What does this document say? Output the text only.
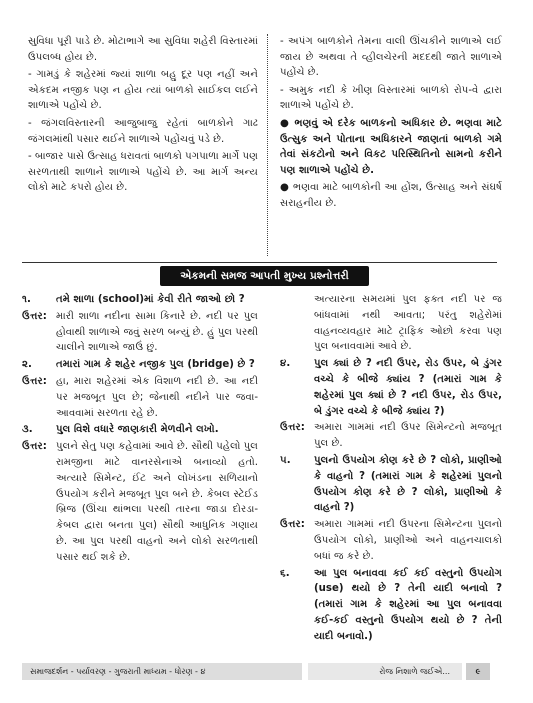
સુવિધા પૂરી પાડે છે. મોટાભાગે આ સુવિધા શહેરી વિસ્તારમાં ઉપલબ્ધ હોય છે.

- ગામડું કે શહેરમાં જ્યાં શાળા બહુ દૂર પણ નહીં અને એકદમ નજીક પણ ન હોય ત્યાં બાળકો સાઈકલ લઈને શાળાએ પહોંચે છે.

- જંગલવિસ્તારની આજુબાજુ રહેતાં બાળકોને ગાઢ જંગલમાંથી પસાર થઈને શાળાએ પહોંચવું પડે છે.

- બાજાર પાસે ઉત્સાહ ધરાવતાં બાળકો પગપાળા માર્ગે પણ સરળતાથી શાળાને શાળાએ પહોંચે છે. આ માર્ગ અન્ય લોકો માટે કપરો હોય છે.

- અપંગ બાળકોને તેમના વાલી ઊંચકીને શાળાએ લઈ જાય છે અથવા તે વ્હીલચેરની મદદથી જાતે શાળાએ પહોંચે છે.

- અમુક નદી કે ખીણ વિસ્તારમાં બાળકો રોપ-વે દ્વારા શાળાએ પહોંચે છે.

● ભણવું એ દરેક બાળકનો અધિકાર છે. ભણવા માટે ઉત્સુક અને પોતાના અધિકારને જાણતાં બાળકો ગમે તેવાં સંકટોનો અને વિકટ પરિસ્થિતિનો સામનો કરીને પણ શાળાએ પહોંચે છે.

● ભણવા માટે બાળકોની આ હોંશ, ઉત્સાહ અને સંઘર્ષ સરાહનીય છે.

એકમની સમજ આપતી મુખ્ય પ્રશ્નોત્તરી
૧.	તમે શાળા (school)માં કેવી રીતે જાઓ છો ?
ઉત્તર: મારી શાળા નદીના સામા કિનારે છે. નદી પર પુલ હોવાથી શાળાએ જવું સરળ બન્યું છે. હું પુલ પરથી ચાલીને શાળાએ જાઉં છું.
૨.	તમારાં ગામ કે શહેર નજીક પુલ (bridge) છે ?
ઉત્તર: હા, મારા શહેરમાં એક વિશાળ નદી છે. આ નદી પર મજબૂત પુલ છે; જેનાથી નદીને પાર જવા-આવવામાં સરળતા રહે છે.
૩.	પુલ વિશે વધારે જાણકારી મેળવીને લખો.
ઉત્તર: પુલને સેતુ પણ કહેવામાં આવે છે. સૌથી પહેલો પુલ રામજીના માટે વાનરસેનાએ બનાવ્યો હતો. અત્યારે સિમેન્ટ, ઈંટ અને લોખંડના સળિયાનો ઉપયોગ કરીને મજબૂત પુલ બને છે. કેબલ સ્ટેઈડ બ્રિજ (ઊંચા થાંભલા પરથી તારના જાડા દોરડા-કેબલ દ્વારા બનતા પુલ) સૌથી આધુનિક ગણાય છે. આ પુલ પરથી વાહનો અને લોકો સરળતાથી પસાર થઈ શકે છે.
અત્યારના સમયમાં પુલ ફક્ત નદી પર જ બાંધવામાં નથી આવતા; પરંતુ શહેરોમાં વાહનવ્યવહાર માટે ટ્રાફિક ઓછો કરવા પણ પુલ બનાવવામાં આવે છે.
૪.	પુલ ક્યાં છે ? નદી ઉપર, રોડ ઉપર, બે ડુંગર વચ્ચે કે બીજે ક્યાંય ? (તમારાં ગામ કે શહેરમાં પુલ ક્યાં છે ? નદી ઉપર, રોડ ઉપર, બે ડુંગર વચ્ચે કે બીજે ક્યાંય ?)
ઉત્તર: અમારા ગામમાં નદી ઉપર સિમેન્ટનો મજબૂત પુલ છે.
૫.	પુલનો ઉપયોગ કોણ કરે છે ? લોકો, પ્રાણીઓ કે વાહનો ? (તમારાં ગામ કે શહેરમાં પુલનો ઉપયોગ કોણ કરે છે ? લોકો, પ્રાણીઓ કે વાહનો ?)
ઉત્તર: અમારા ગામમાં નદી ઉપરના સિમેન્ટના પુલનો ઉપયોગ લોકો, પ્રાણીઓ અને વાહનચાલકો બધાં જ કરે છે.
૬.	આ પુલ બનાવવા કઈ કઈ વસ્તુનો ઉપયોગ (use) થયો છે ? તેની યાદી બનાવો ? (તમારાં ગામ કે શહેરમાં આ પુલ બનાવવા કઈ-કઈ વસ્તુનો ઉપયોગ થયો છે ? તેની યાદી બનાવો.)
સમાજદર્શન - પર્યાવરણ - ગુજરાતી માધ્યમ - ધોરણ - ૪	રોજ નિશાળે જઈએ...	૯
